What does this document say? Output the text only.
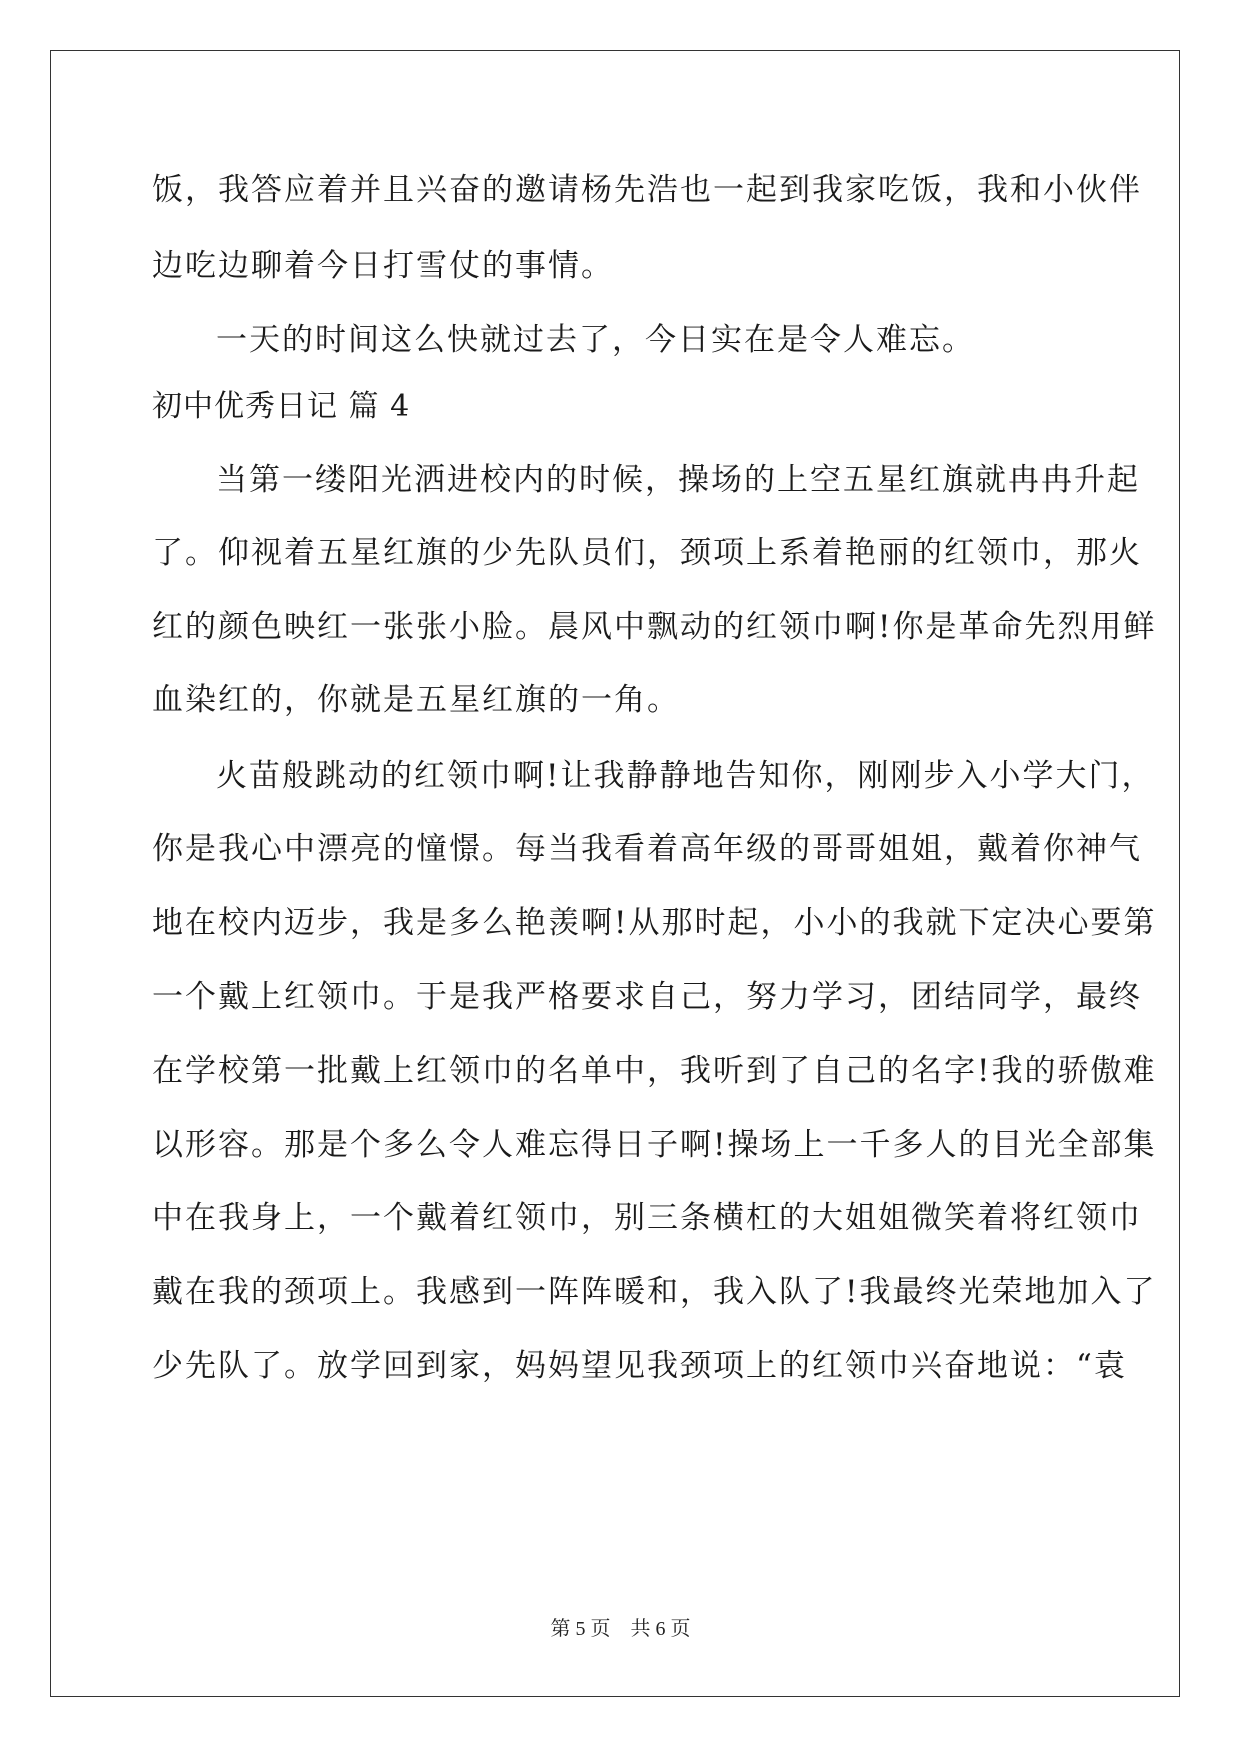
饭，我答应着并且兴奋的邀请杨先浩也一起到我家吃饭，我和小伙伴
边吃边聊着今日打雪仗的事情。
一天的时间这么快就过去了，今日实在是令人难忘。
初中优秀日记 篇 4
当第一缕阳光洒进校内的时候，操场的上空五星红旗就冉冉升起
了。仰视着五星红旗的少先队员们，颈项上系着艳丽的红领巾，那火
红的颜色映红一张张小脸。晨风中飘动的红领巾啊!你是革命先烈用鲜
血染红的，你就是五星红旗的一角。
火苗般跳动的红领巾啊!让我静静地告知你，刚刚步入小学大门，
你是我心中漂亮的憧憬。每当我看着高年级的哥哥姐姐，戴着你神气
地在校内迈步，我是多么艳羡啊!从那时起，小小的我就下定决心要第
一个戴上红领巾。于是我严格要求自己，努力学习，团结同学，最终
在学校第一批戴上红领巾的名单中，我听到了自己的名字!我的骄傲难
以形容。那是个多么令人难忘得日子啊!操场上一千多人的目光全部集
中在我身上，一个戴着红领巾，别三条横杠的大姐姐微笑着将红领巾
戴在我的颈项上。我感到一阵阵暖和，我入队了!我最终光荣地加入了
少先队了。放学回到家，妈妈望见我颈项上的红领巾兴奋地说：“袁
第 5 页 共 6 页
